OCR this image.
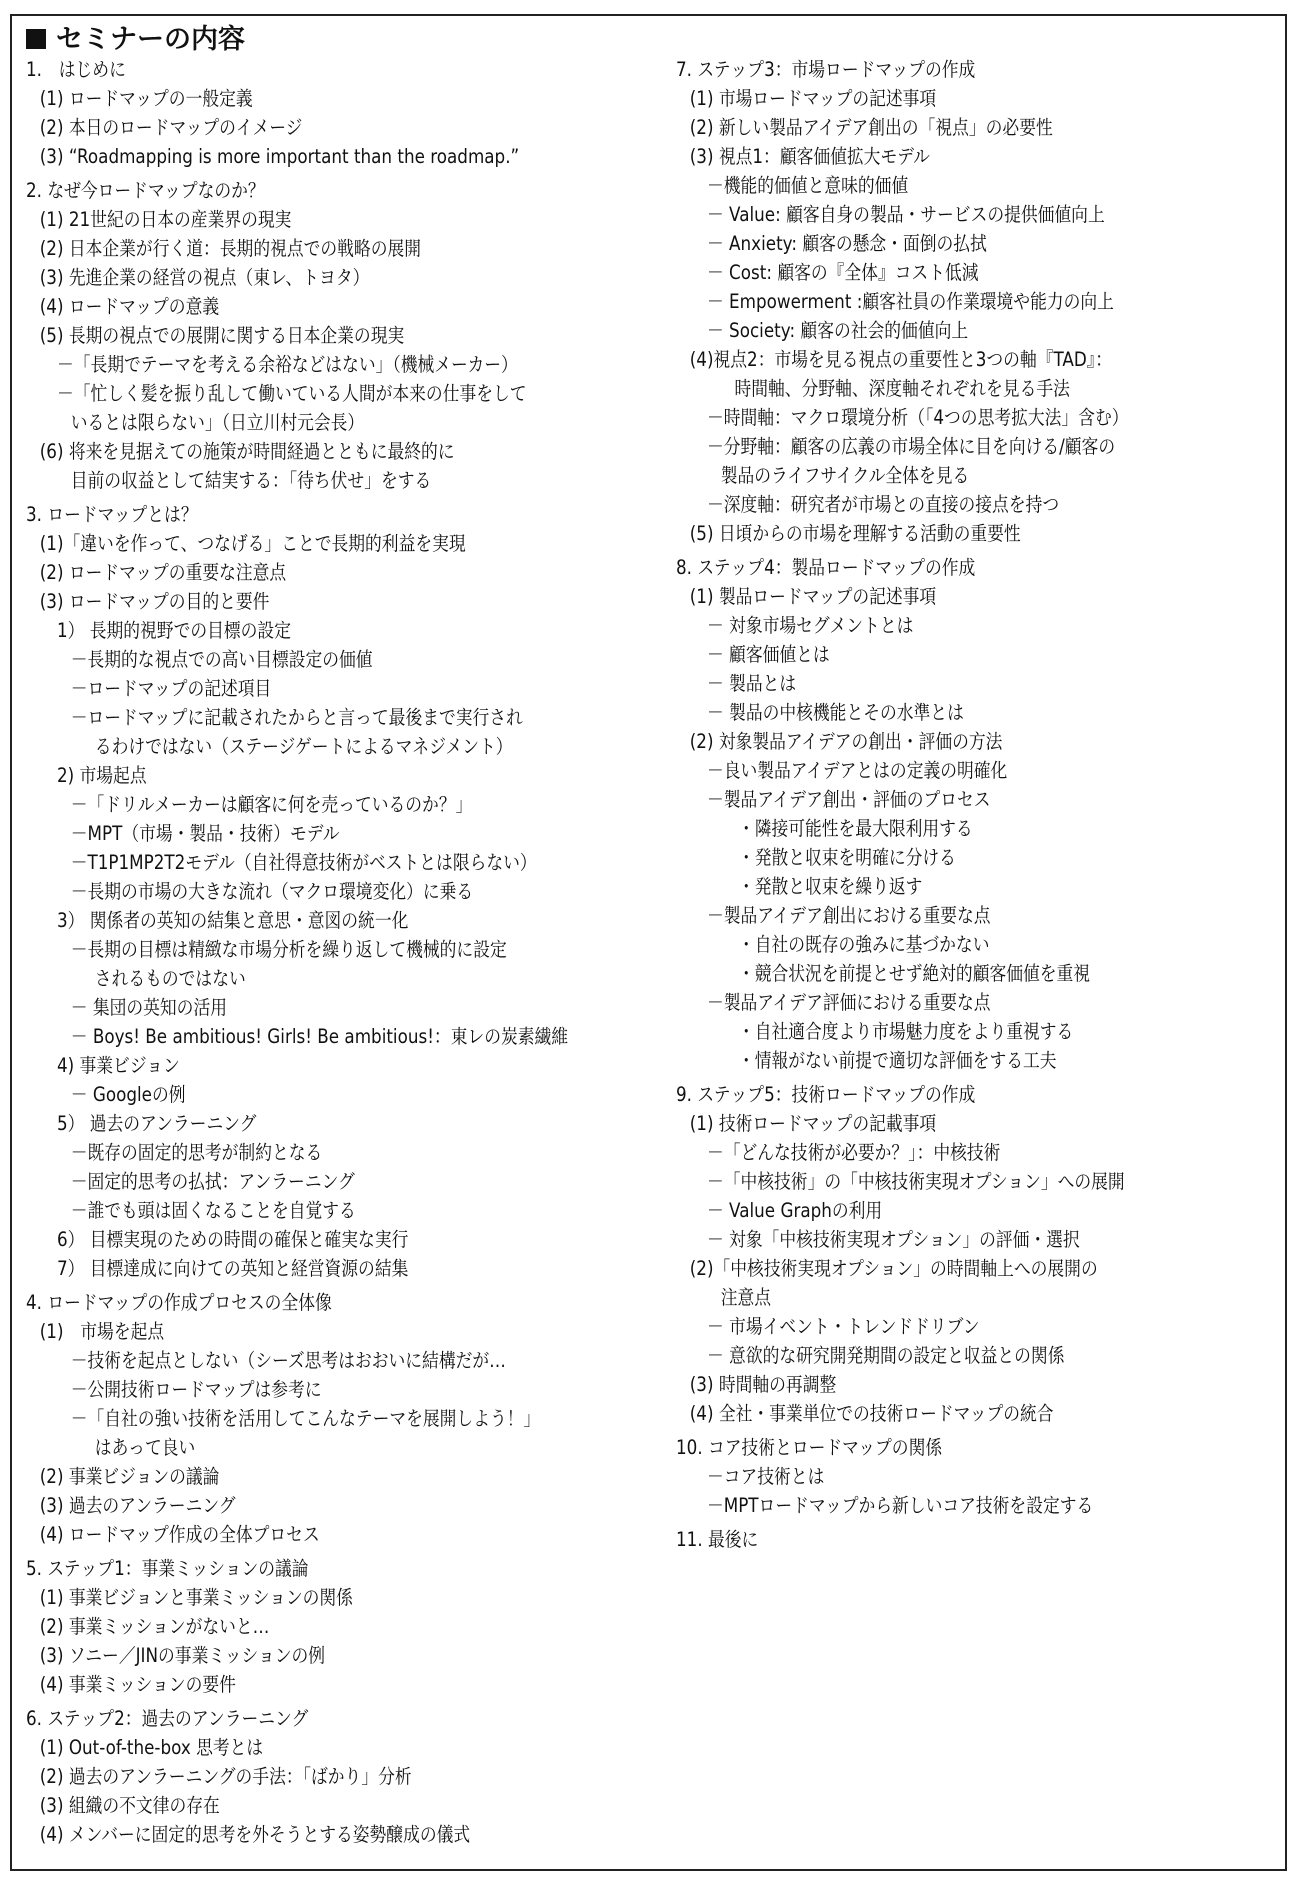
セミナーの内容
1.　はじめに
(1) ロードマップの一般定義
(2) 本日のロードマップのイメージ
(3) “Roadmapping is more important than the roadmap.”
2. なぜ今ロードマップなのか？
(1) 21世紀の日本の産業界の現実
(2) 日本企業が行く道：長期的視点での戦略の展開
(3) 先進企業の経営の視点（東レ、トヨタ）
(4) ロードマップの意義
(5) 長期の視点での展開に関する日本企業の現実
－「長期でテーマを考える余裕などはない」（機械メーカー）
－「忙しく髪を振り乱して働いている人間が本来の仕事をして
いるとは限らない」（日立川村元会長）
(6) 将来を見据えての施策が時間経過とともに最終的に
目前の収益として結実する：「待ち伏せ」をする
3. ロードマップとは？
(1)「違いを作って、つなげる」ことで長期的利益を実現
(2) ロードマップの重要な注意点
(3) ロードマップの目的と要件
1） 長期的視野での目標の設定
－長期的な視点での高い目標設定の価値
－ロードマップの記述項目
－ロードマップに記載されたからと言って最後まで実行され
るわけではない（ステージゲートによるマネジメント）
2) 市場起点
－「ドリルメーカーは顧客に何を売っているのか？」
－MPT（市場・製品・技術）モデル
－T1P1MP2T2モデル（自社得意技術がベストとは限らない）
－長期の市場の大きな流れ（マクロ環境変化）に乗る
3） 関係者の英知の結集と意思・意図の統一化
－長期の目標は精緻な市場分析を繰り返して機械的に設定
されるものではない
－ 集団の英知の活用
－ Boys! Be ambitious! Girls! Be ambitious!：東レの炭素繊維
4) 事業ビジョン
－ Googleの例
5） 過去のアンラーニング
－既存の固定的思考が制約となる
－固定的思考の払拭：アンラーニング
－誰でも頭は固くなることを自覚する
6） 目標実現のための時間の確保と確実な実行
7） 目標達成に向けての英知と経営資源の結集
4. ロードマップの作成プロセスの全体像
(1)　市場を起点
－技術を起点としない（シーズ思考はおおいに結構だが…
－公開技術ロードマップは参考に
－「自社の強い技術を活用してこんなテーマを展開しよう！」
はあって良い
(2) 事業ビジョンの議論
(3) 過去のアンラーニング
(4) ロードマップ作成の全体プロセス
5. ステップ1：事業ミッションの議論
(1) 事業ビジョンと事業ミッションの関係
(2) 事業ミッションがないと…
(3) ソニー／JINの事業ミッションの例
(4) 事業ミッションの要件
6. ステップ2：過去のアンラーニング
(1) Out-of-the-box 思考とは
(2) 過去のアンラーニングの手法：「ばかり」分析
(3) 組織の不文律の存在
(4) メンバーに固定的思考を外そうとする姿勢醸成の儀式
7. ステップ3：市場ロードマップの作成
(1) 市場ロードマップの記述事項
(2) 新しい製品アイデア創出の「視点」の必要性
(3) 視点1：顧客価値拡大モデル
－機能的価値と意味的価値
－ Value: 顧客自身の製品・サービスの提供価値向上
－ Anxiety: 顧客の懸念・面倒の払拭
－ Cost: 顧客の『全体』コスト低減
－ Empowerment :顧客社員の作業環境や能力の向上
－ Society: 顧客の社会的価値向上
(4)視点2：市場を見る視点の重要性と3つの軸『TAD』：
時間軸、分野軸、深度軸それぞれを見る手法
－時間軸：マクロ環境分析（「4つの思考拡大法」含む）
－分野軸：顧客の広義の市場全体に目を向ける/顧客の
製品のライフサイクル全体を見る
－深度軸：研究者が市場との直接の接点を持つ
(5) 日頃からの市場を理解する活動の重要性
8. ステップ4：製品ロードマップの作成
(1) 製品ロードマップの記述事項
－ 対象市場セグメントとは
－ 顧客価値とは
－ 製品とは
－ 製品の中核機能とその水準とは
(2) 対象製品アイデアの創出・評価の方法
－良い製品アイデアとはの定義の明確化
－製品アイデア創出・評価のプロセス
・隣接可能性を最大限利用する
・発散と収束を明確に分ける
・発散と収束を繰り返す
－製品アイデア創出における重要な点
・自社の既存の強みに基づかない
・競合状況を前提とせず絶対的顧客価値を重視
－製品アイデア評価における重要な点
・自社適合度より市場魅力度をより重視する
・情報がない前提で適切な評価をする工夫
9. ステップ5：技術ロードマップの作成
(1) 技術ロードマップの記載事項
－「どんな技術が必要か？」：中核技術
－「中核技術」の「中核技術実現オプション」への展開
－ Value Graphの利用
－ 対象「中核技術実現オプション」の評価・選択
(2)「中核技術実現オプション」の時間軸上への展開の
注意点
－ 市場イベント・トレンドドリブン
－ 意欲的な研究開発期間の設定と収益との関係
(3) 時間軸の再調整
(4) 全社・事業単位での技術ロードマップの統合
10. コア技術とロードマップの関係
－コア技術とは
－MPTロードマップから新しいコア技術を設定する
11. 最後に
